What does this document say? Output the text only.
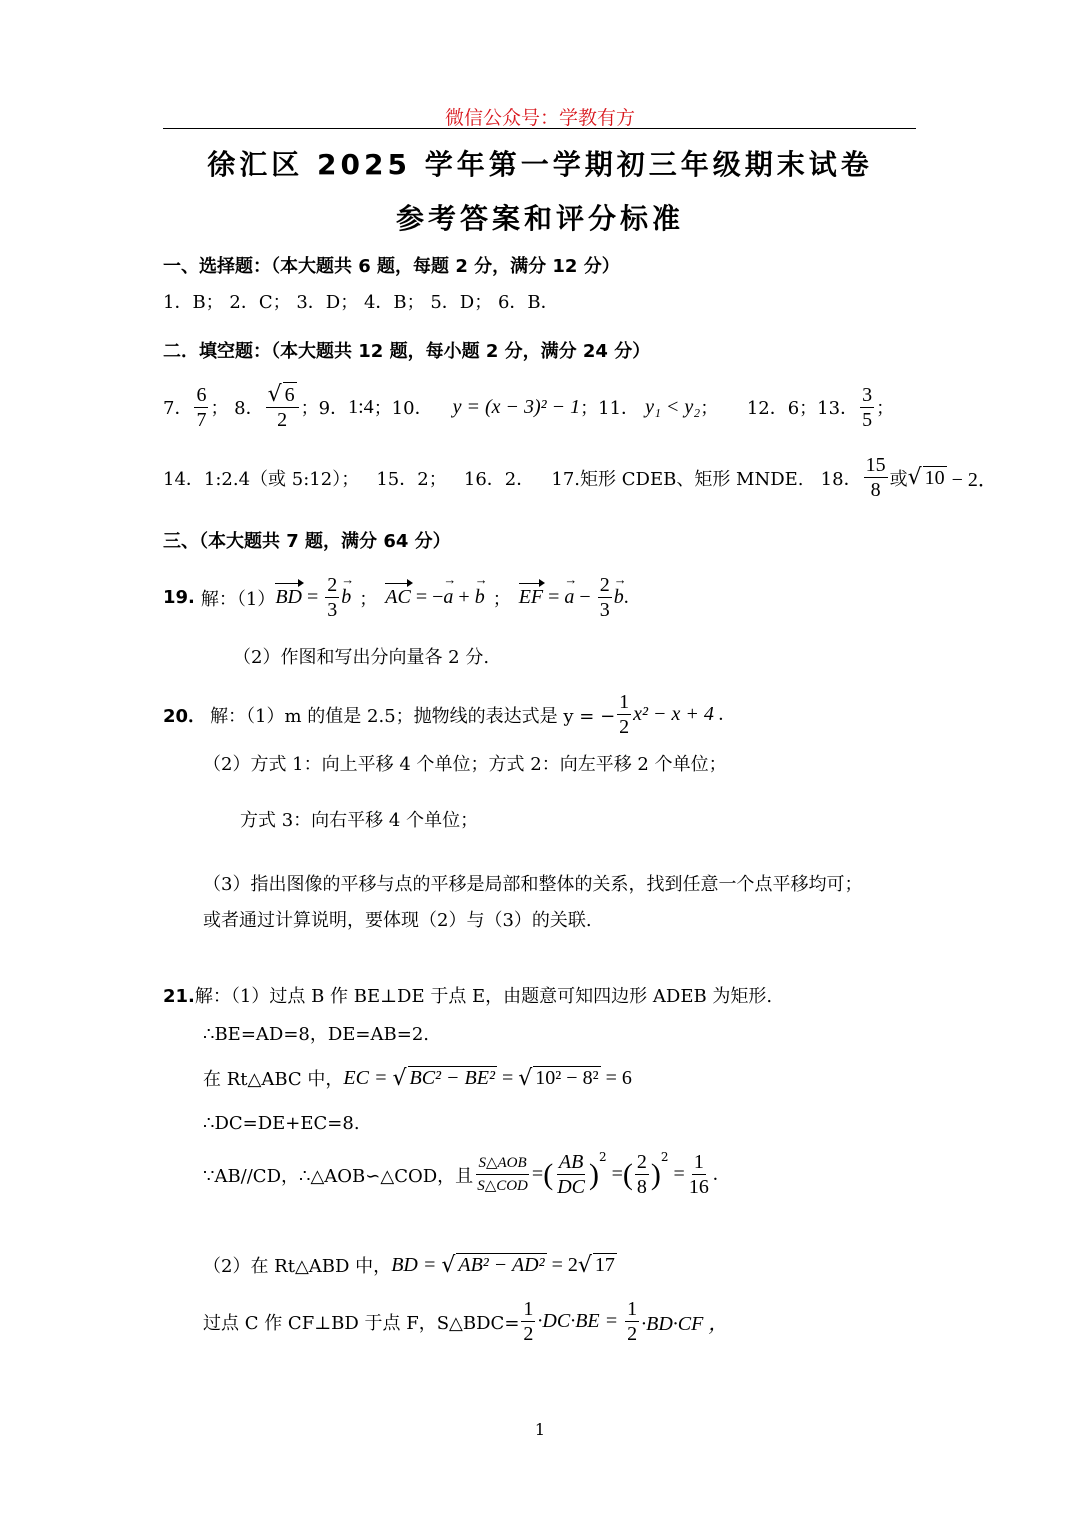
微信公众号：学教有方
徐汇区 2025 学年第一学期初三年级期末试卷
参考答案和评分标准
一、选择题：（本大题共 6 题，每题 2 分，满分 12 分）
1．B； 2．C； 3．D； 4．B； 5．D； 6．B．
二．填空题：（本大题共 12 题，每小题 2 分，满分 24 分）
7． $\frac{6}{7}$ ； 8． $\frac{√ 6}{2}$ ；9． 1:4 ；10． y = (x − 3)² − 1 ；11． y₁ < y₂ ；     12．6；13． $\frac{3}{5}$ ；
14．1:2.4（或 5:12）；   15．2；   16．2．   17.矩形 CDEB、矩形 MNDE.   18． $\frac{15}{8}$ 或 √ 10 − 2．
三、（本大题共 7 题，满分 64 分）
19. 解：（1） BD = $\frac{2}{3}$ b → ； AC = − a → + b → ； EF = a → − $\frac{2}{3}$ b → .
（2）作图和写出分向量各 2 分.
20． 解：（1）m 的值是 2.5；抛物线的表达式是 y = − $\frac{1}{2} x^2 - x + 4$ .
（2）方式 1：向上平移 4 个单位；方式 2：向左平移 2 个单位；
方式 3：向右平移 4 个单位；
（3）指出图像的平移与点的平移是局部和整体的关系，找到任意一个点平移均可；
或者通过计算说明，要体现（2）与（3）的关联.
21.解：（1）过点 B 作 BE⊥DE 于点 E，由题意可知四边形 ADEB 为矩形.
∴BE=AD=8，DE=AB=2.
在 Rt△ABC 中， EC = √ BC² − BE² = √ 10² − 8² = 6
∴DC=DE+EC=8.
∵AB//CD，∴△AOB∽△COD，且 $\frac{\text{S△AOB}}{\text{S△COD}}$ = ( $\frac{AB}{DC}$ )
2
= ( $\frac{2}{8}$ )
2
= $\frac{1}{16}$ .
（2）在 Rt△ABD 中， BD = √ AB² − AD² = 2 √ 17
过点 C 作 CF⊥BD 于点 F，S△BDC= $\frac{1}{2} \cdot DC\cdot BE = \frac{1}{2} \cdot BD\cdot CF$ ，
1
